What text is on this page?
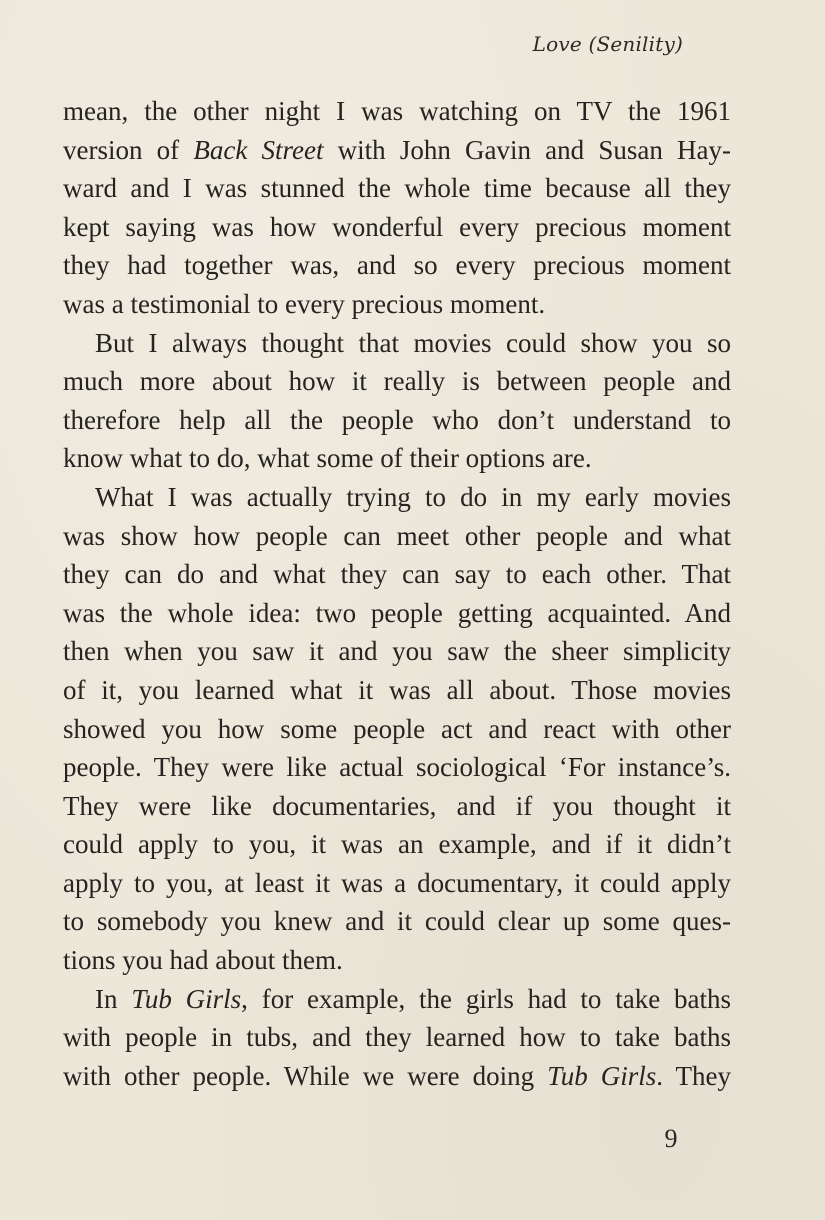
Love (Senility)
mean, the other night I was watching on TV the 1961
version of Back Street with John Gavin and Susan Hay-
ward and I was stunned the whole time because all they
kept saying was how wonderful every precious moment
they had together was, and so every precious moment
was a testimonial to every precious moment.
But I always thought that movies could show you so
much more about how it really is between people and
therefore help all the people who don’t understand to
know what to do, what some of their options are.
What I was actually trying to do in my early movies
was show how people can meet other people and what
they can do and what they can say to each other. That
was the whole idea: two people getting acquainted. And
then when you saw it and you saw the sheer simplicity
of it, you learned what it was all about. Those movies
showed you how some people act and react with other
people. They were like actual sociological ‘For instance’s.
They were like documentaries, and if you thought it
could apply to you, it was an example, and if it didn’t
apply to you, at least it was a documentary, it could apply
to somebody you knew and it could clear up some ques-
tions you had about them.
In Tub Girls, for example, the girls had to take baths
with people in tubs, and they learned how to take baths
with other people. While we were doing Tub Girls. They
9
